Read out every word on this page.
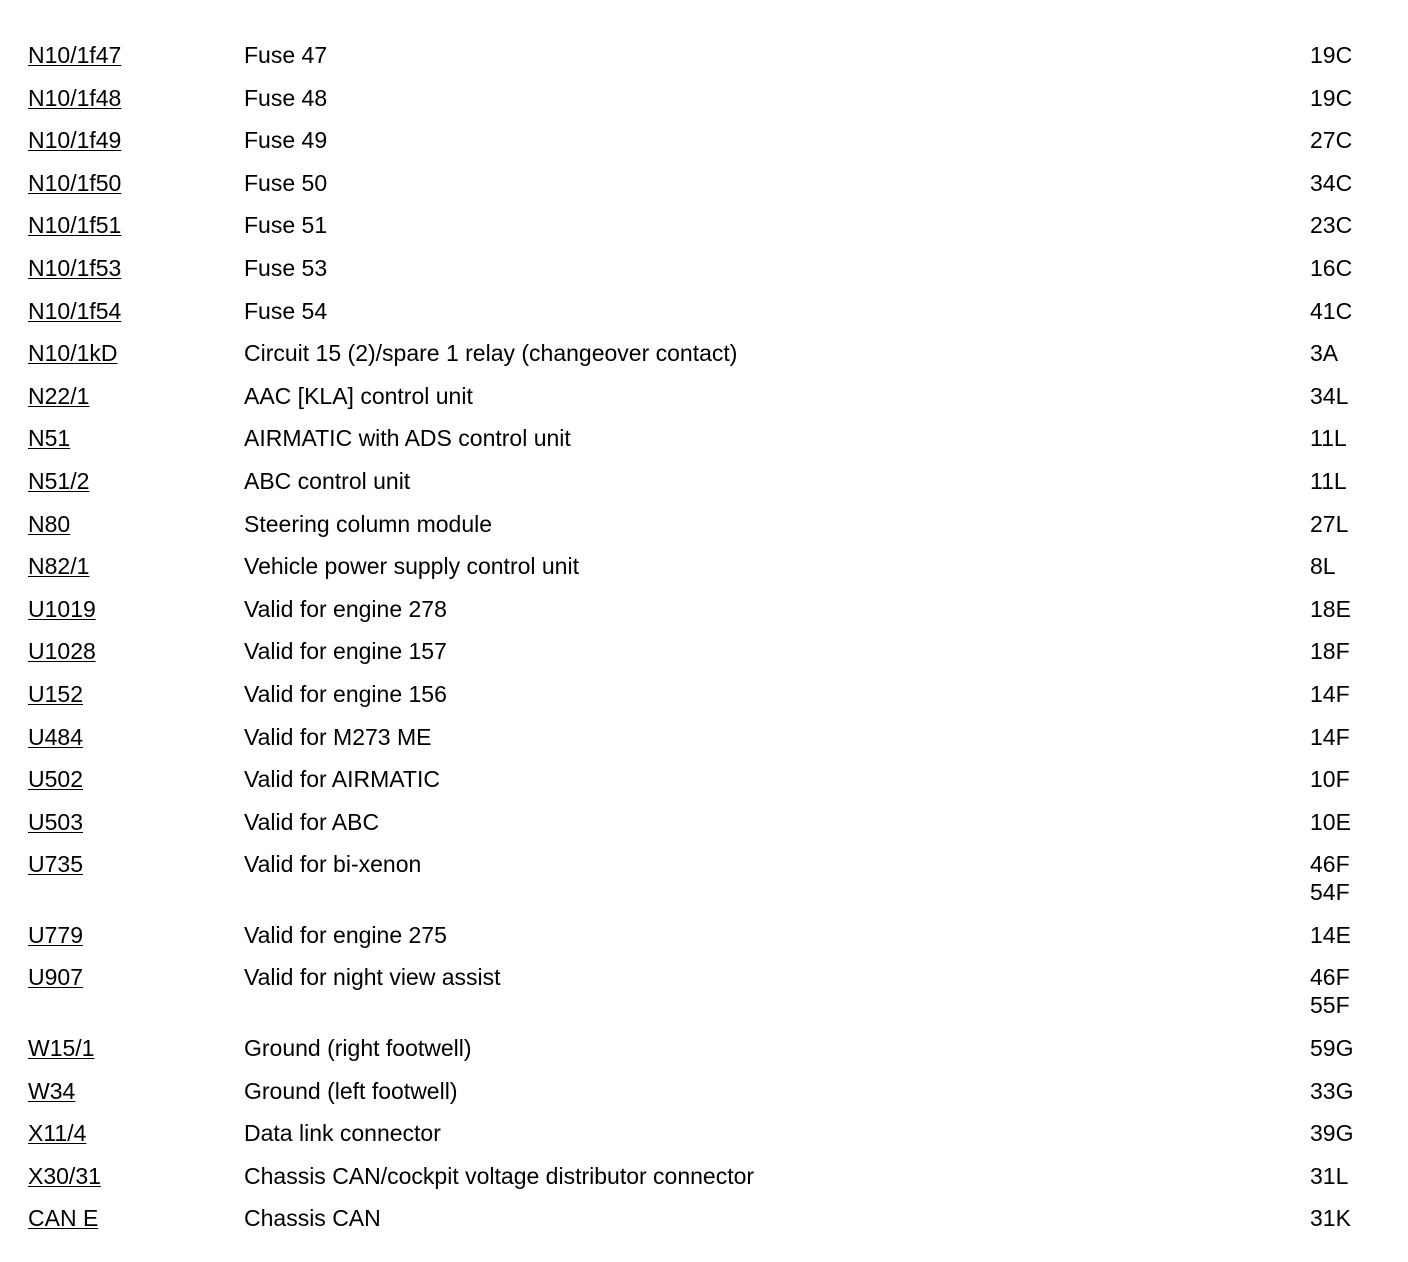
N10/1f47	Fuse 47	19C
N10/1f48	Fuse 48	19C
N10/1f49	Fuse 49	27C
N10/1f50	Fuse 50	34C
N10/1f51	Fuse 51	23C
N10/1f53	Fuse 53	16C
N10/1f54	Fuse 54	41C
N10/1kD	Circuit 15 (2)/spare 1 relay (changeover contact)	3A
N22/1	AAC [KLA] control unit	34L
N51	AIRMATIC with ADS control unit	11L
N51/2	ABC control unit	11L
N80	Steering column module	27L
N82/1	Vehicle power supply control unit	8L
U1019	Valid for engine 278	18E
U1028	Valid for engine 157	18F
U152	Valid for engine 156	14F
U484	Valid for M273 ME	14F
U502	Valid for AIRMATIC	10F
U503	Valid for ABC	10E
U735	Valid for bi-xenon	46F
54F
U779	Valid for engine 275	14E
U907	Valid for night view assist	46F
55F
W15/1	Ground (right footwell)	59G
W34	Ground (left footwell)	33G
X11/4	Data link connector	39G
X30/31	Chassis CAN/cockpit voltage distributor connector	31L
CAN E	Chassis CAN	31K
